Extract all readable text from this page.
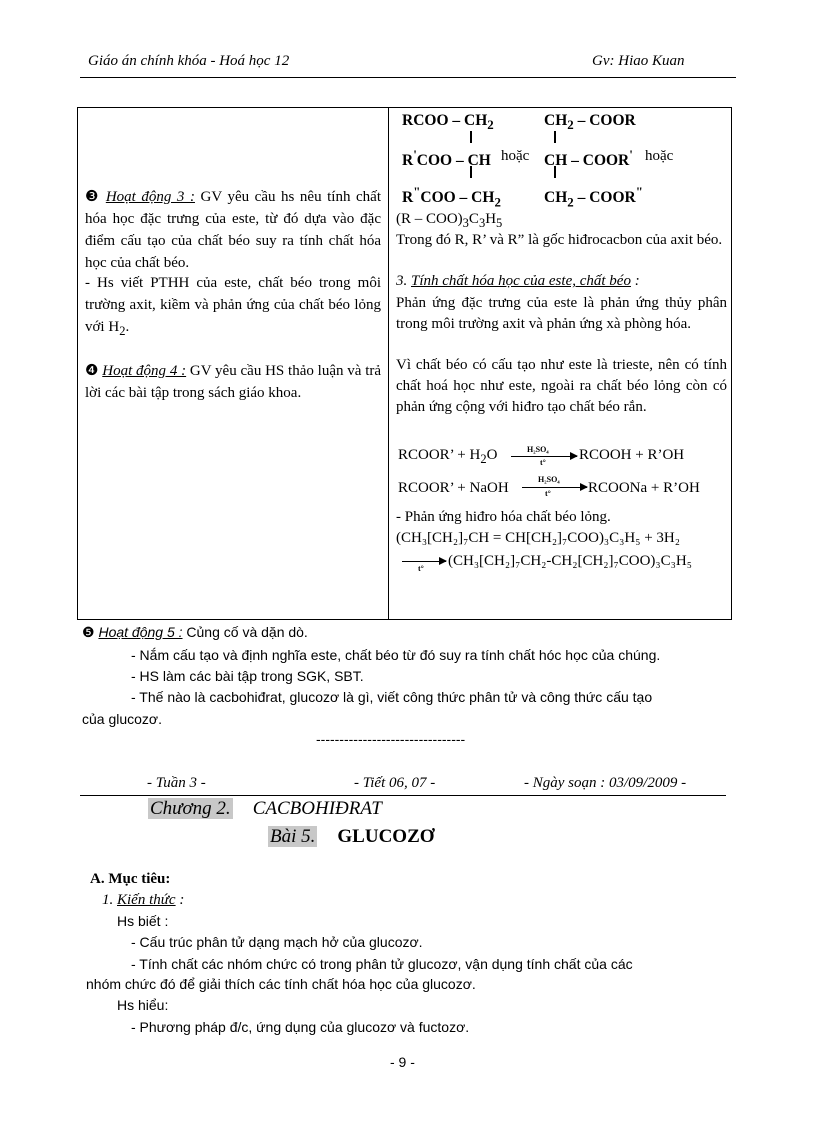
Giáo án chính khóa - Hoá học 12	Gv: Hiao Kuan
❸ Hoạt động 3 : GV yêu cầu hs nêu tính chất hóa học đặc trưng của este, từ đó dựa vào đặc điểm cấu tạo của chất béo suy ra tính chất hóa học của chất béo.
- Hs viết PTHH của este, chất béo trong môi trường axit, kiềm và phản ứng của chất béo lỏng với $H_2$.
❹ Hoạt động 4 : GV yêu cầu HS thảo luận và trả lời các bài tập trong sách giáo khoa.
RCOO – $CH_2$	$CH_2$ – COOR
R'COO – CH hoặc CH – COOR' hoặc
$R^"COO - CH_2$	$CH_2$ – COOR"
$(R - COO)_3C_3H_5$
Trong đó R, R’ và R” là gốc hiđrocacbon của axit béo.
3. Tính chất hóa học của este, chất béo :
Phản ứng đặc trưng của este là phản ứng thủy phân trong môi trường axit và phản ứng xà phòng hóa.
Vì chất béo có cấu tạo như este là trieste, nên có tính chất hoá học như este, ngoài ra chất béo lỏng còn có phản ứng cộng với hiđro tạo chất béo rắn.
RCOOR’ + $H_2O$	H₂SO₄
t° RCOOH + R’OH
RCOOR’ + NaOH
H₂SO₄
t° RCOONa + R’OH
- Phản ứng hiđro hóa chất béo lỏng.
(CH₃[CH₂]₇CH = CH[CH₂]₇COO)₃C₃H₅ + 3H₂
t° (CH₃[CH₂]₇CH₂-CH₂[CH₂]₇COO)₃C₃H₅
❺ Hoạt động 5 : Củng cố và dặn dò.
- Nắm cấu tạo và định nghĩa este, chất béo từ đó suy ra tính chất hóc học của chúng.
- HS làm các bài tập trong SGK, SBT.
- Thế nào là cacbohiđrat, glucozơ là gì, viết công thức phân tử và công thức cấu tạo
của glucozơ.
--------------------------------
- Tuần 3 -	- Tiết 06, 07 -	- Ngày soạn : 03/09/2009 -
Chương 2. CACBOHIĐRAT
Bài 5. GLUCOZƠ
A. Mục tiêu:
1. Kiến thức :
Hs biết :
- Cấu trúc phân tử dạng mạch hở của glucozơ.
- Tính chất các nhóm chức có trong phân tử glucozơ, vận dụng tính chất của các
nhóm chức đó để giải thích các tính chất hóa học của glucozơ.
Hs hiểu:
- Phương pháp đ/c, ứng dụng của glucozơ và fuctozơ.
- 9 -
